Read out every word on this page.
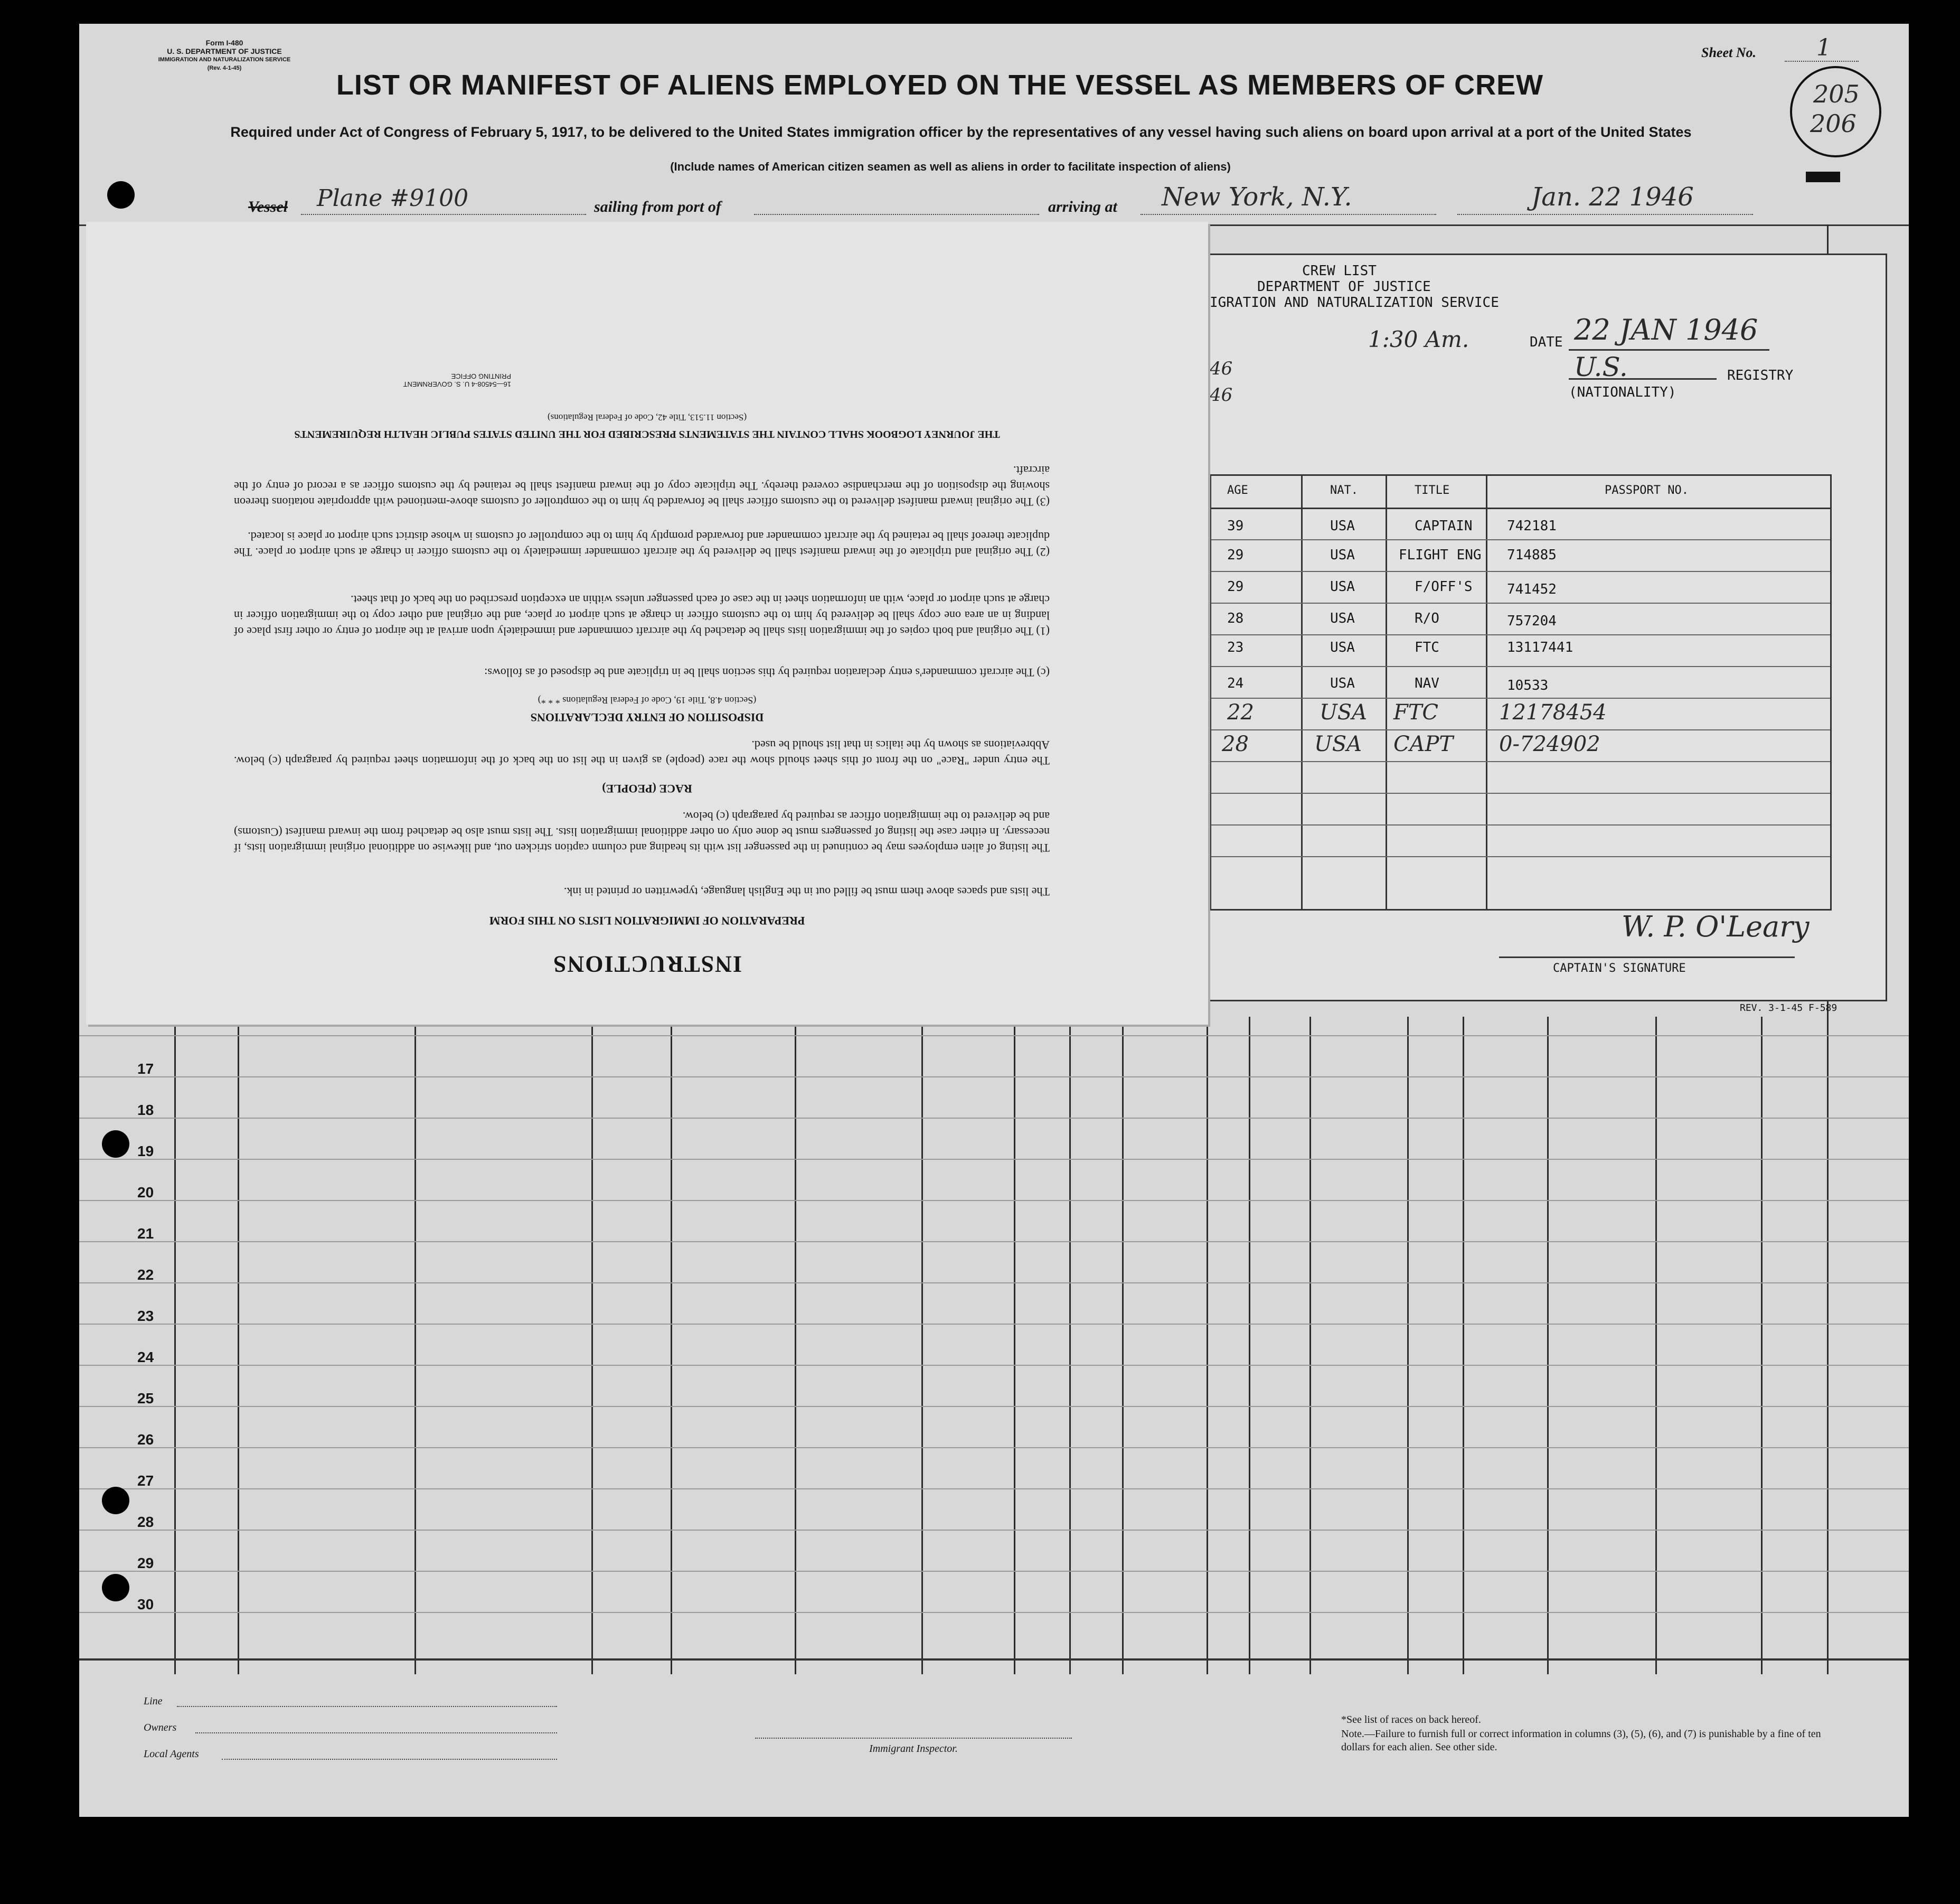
Form I-480
U. S. DEPARTMENT OF JUSTICE
IMMIGRATION AND NATURALIZATION SERVICE
(Rev. 4-1-45)
Sheet No.	1
205
206
LIST OR MANIFEST OF ALIENS EMPLOYED ON THE VESSEL AS MEMBERS OF CREW
Required under Act of Congress of February 5, 1917, to be delivered to the United States immigration officer by the representatives of any vessel having such aliens on board upon arrival at a port of the United States
(Include names of American citizen seamen as well as aliens in order to facilitate inspection of aliens)
Vessel Plane #9100	sailing from port of	arriving at New York, N.Y.	Jan. 22 1946
17
18
19
20
21
22
23
24
25
26
27
28
29
30
Line
Owners
Local Agents	Immigrant Inspector.
*See list of races on back hereof.
Note.—Failure to furnish full or correct information in columns (3), (5), (6), and (7) is punishable by a fine of ten dollars for each alien. See other side.
CREW LIST
DEPARTMENT OF JUSTICE
IGRATION AND NATURALIZATION SERVICE
1:30 Am.	DATE 22 JAN 1946
U.S.	REGISTRY
(NATIONALITY)
46
46
AGE	NAT.	TITLE	PASSPORT NO.
39	USA	CAPTAIN	742181
29	USA	FLIGHT ENG 714885
29	USA	F/OFF'S	741452
28	USA	R/O	757204
23	USA	FTC	13117441
24	USA	NAV	10533
22	USA FTC	12178454
28	USA CAPT 0-724902
W. P. O'Leary
CAPTAIN'S SIGNATURE
REV. 3-1-45 F-589
INSTRUCTIONS
PREPARATION OF IMMIGRATION LISTS ON THIS FORM
The lists and spaces above them must be filled out in the English language, typewritten or printed in ink.
The listing of alien employees may be continued in the passenger list with its heading and column caption stricken out, and likewise on additional original immigration lists, if necessary. In either case the listing of passengers must be done only on other additional immigration lists. The lists must also be detached from the inward manifest (Customs) and be delivered to the immigration officer as required by paragraph (c) below.
RACE (PEOPLE)
The entry under "Race" on the front of this sheet should show the race (people) as given in the list on the back of the information sheet required by paragraph (c) below. Abbreviations as shown by the italics in that list should be used.
DISPOSITION OF ENTRY DECLARATIONS
(Section 4.8, Title 19, Code of Federal Regulations * * *)
(c) The aircraft commander's entry declaration required by this section shall be in triplicate and be disposed of as follows:
(1) The original and both copies of the immigration lists shall be detached by the aircraft commander and immediately upon arrival at the airport of entry or other first place of landing in an area one copy shall be delivered by him to the customs officer in charge at such airport or place, and the original and other copy to the immigration officer in charge at such airport or place, with an information sheet in the case of each passenger unless within an exception prescribed on the back of that sheet.
(2) The original and triplicate of the inward manifest shall be delivered by the aircraft commander immediately to the customs officer in charge at such airport or place. The duplicate thereof shall be retained by the aircraft commander and forwarded promptly by him to the comptroller of customs in whose district such airport or place is located.
(3) The original inward manifest delivered to the customs officer shall be forwarded by him to the comptroller of customs above-mentioned with appropriate notations thereon showing the disposition of the merchandise covered thereby. The triplicate copy of the inward manifest shall be retained by the customs officer as a record of entry of the aircraft.
THE JOURNEY LOGBOOK SHALL CONTAIN THE STATEMENTS PRESCRIBED FOR THE UNITED STATES PUBLIC HEALTH REQUIREMENTS
(Section 11.513, Title 42, Code of Federal Regulations)
16—54508-4 U. S. GOVERNMENT PRINTING OFFICE
